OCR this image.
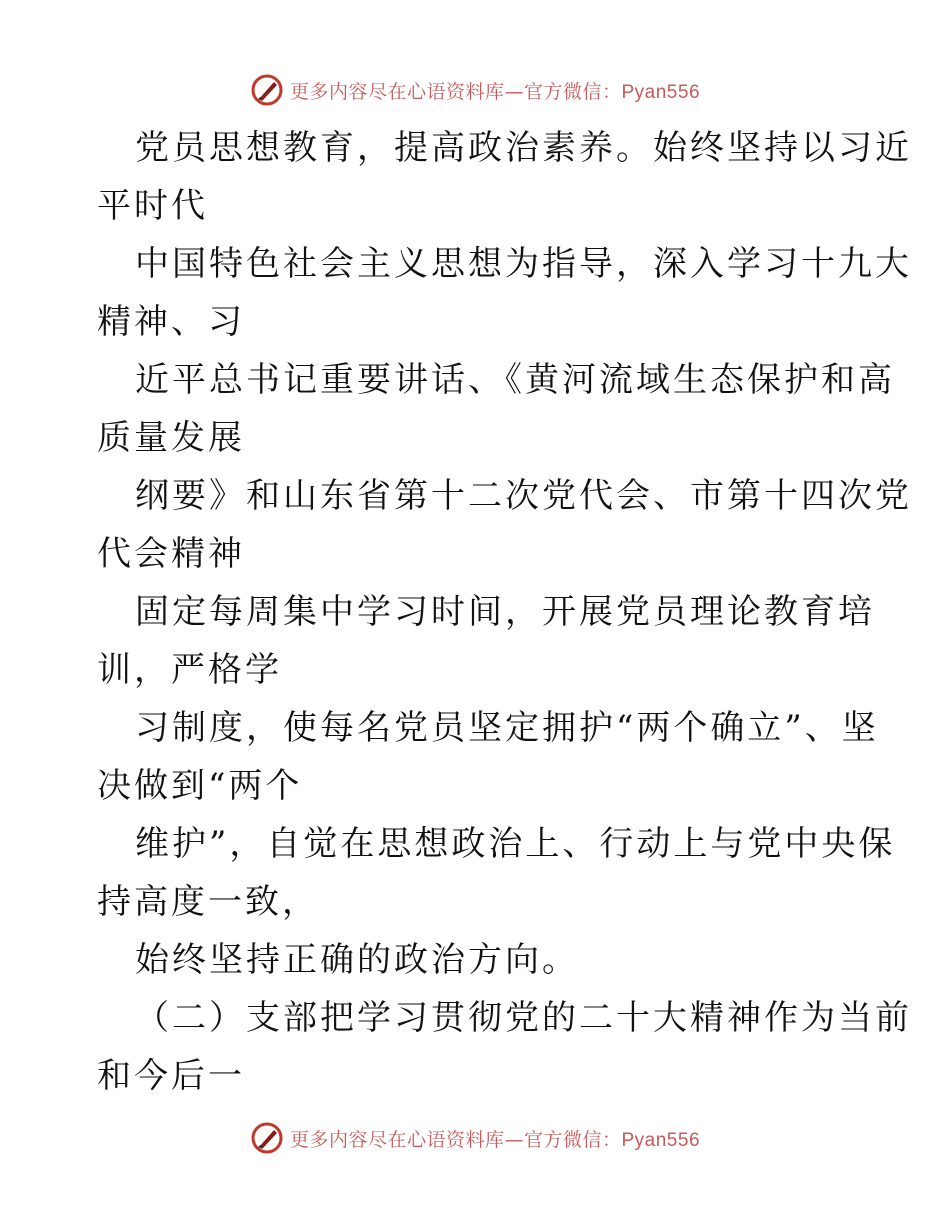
更多内容尽在心语资料库—官方微信：Pyan556
党员思想教育，提高政治素养。始终坚持以习近
平时代
中国特色社会主义思想为指导，深入学习十九大
精神、习
近平总书记重要讲话、《黄河流域生态保护和高
质量发展
纲要》和山东省第十二次党代会、市第十四次党
代会精神
固定每周集中学习时间，开展党员理论教育培
训，严格学
习制度，使每名党员坚定拥护“两个确立”、坚
决做到“两个
维护”，自觉在思想政治上、行动上与党中央保
持高度一致，
始终坚持正确的政治方向。
（二）支部把学习贯彻党的二十大精神作为当前
和今后一
更多内容尽在心语资料库—官方微信：Pyan556
